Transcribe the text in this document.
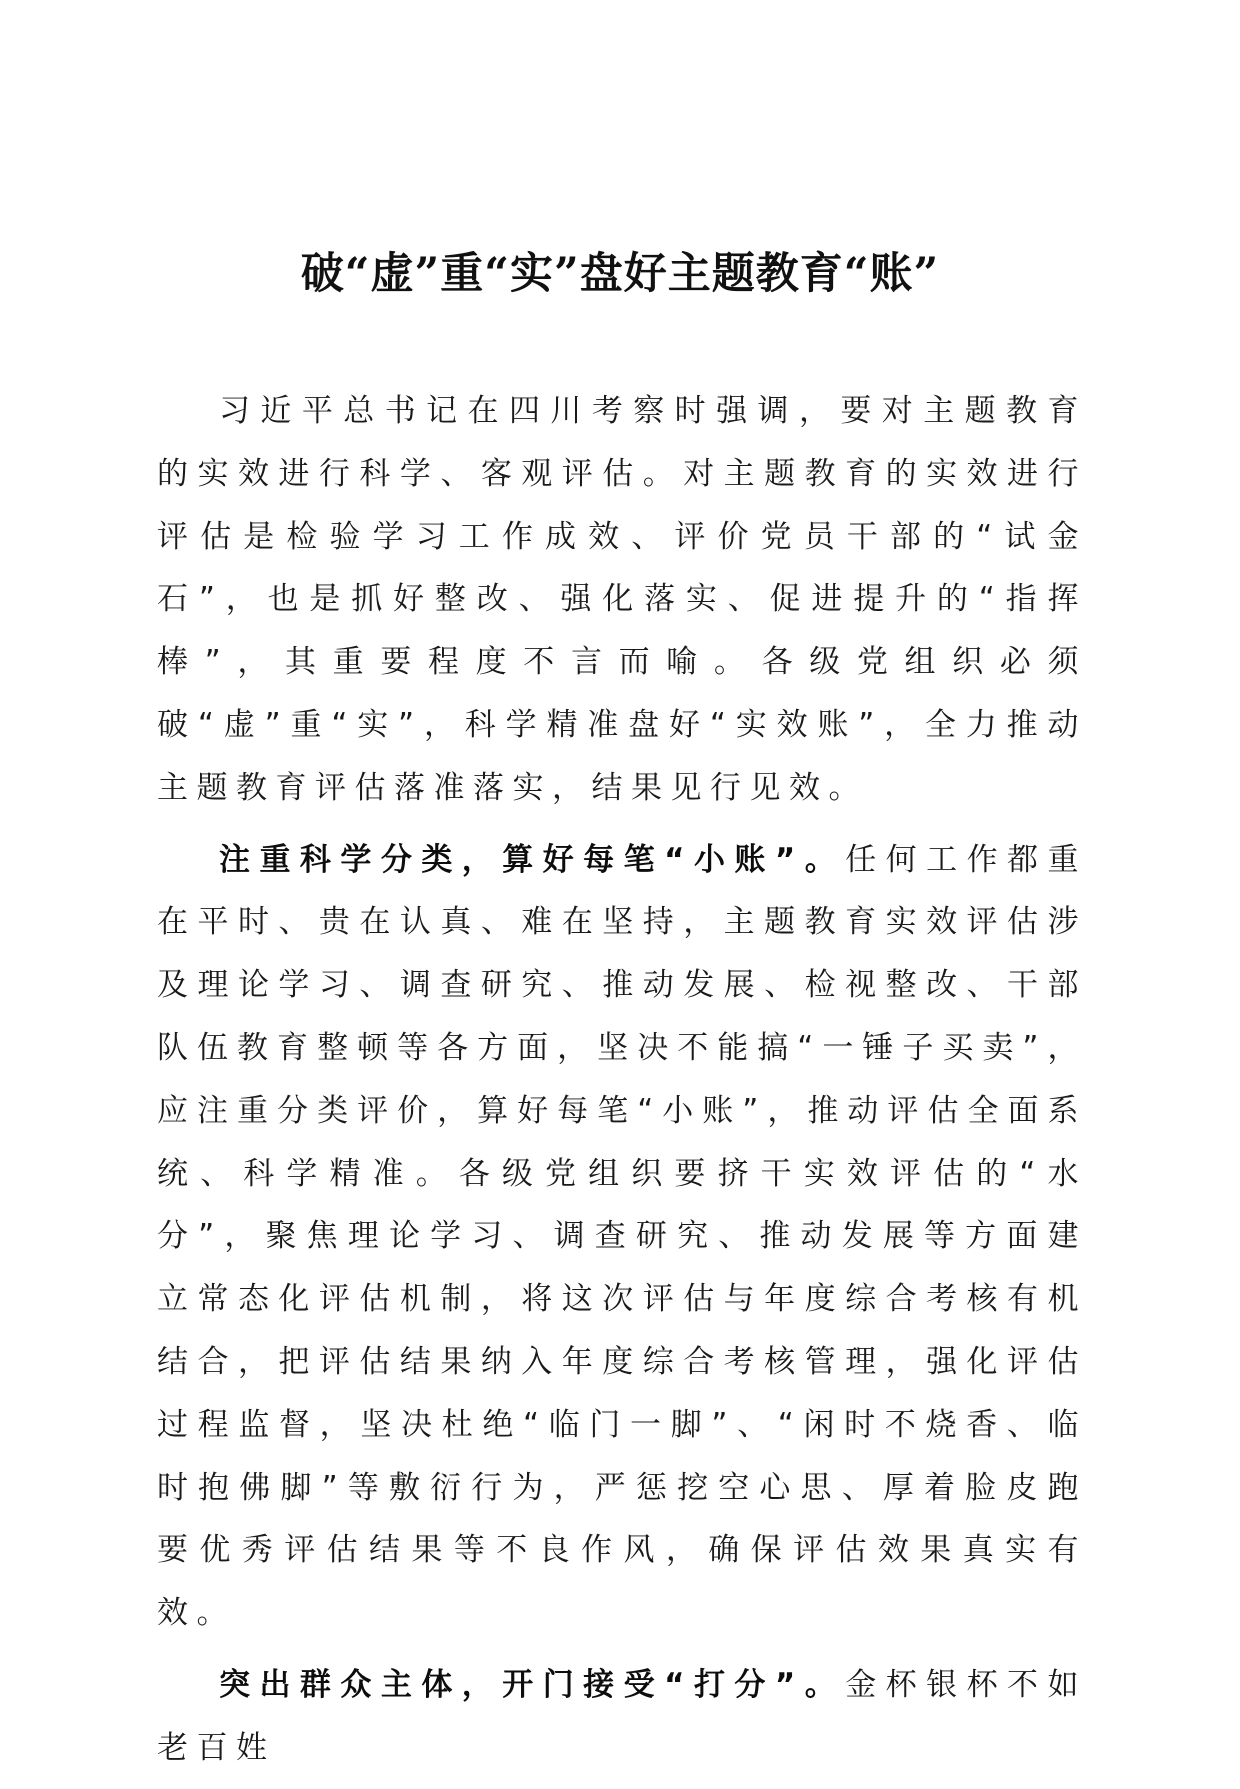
破“虚”重“实”盘好主题教育“账”

习近平总书记在四川考察时强调，要对主题教育的实效进行科学、客观评估。对主题教育的实效进行评估是检验学习工作成效、评价党员干部的“试金石”，也是抓好整改、强化落实、促进提升的“指挥棒”，其重要程度不言而喻。各级党组织必须破“虚”重“实”，科学精准盘好“实效账”，全力推动主题教育评估落准落实，结果见行见效。

注重科学分类，算好每笔“小账”。任何工作都重在平时、贵在认真、难在坚持，主题教育实效评估涉及理论学习、调查研究、推动发展、检视整改、干部队伍教育整顿等各方面，坚决不能搞“一锤子买卖”，应注重分类评价，算好每笔“小账”，推动评估全面系统、科学精准。各级党组织要挤干实效评估的“水分”，聚焦理论学习、调查研究、推动发展等方面建立常态化评估机制，将这次评估与年度综合考核有机结合，把评估结果纳入年度综合考核管理，强化评估过程监督，坚决杜绝“临门一脚”、“闲时不烧香、临时抱佛脚”等敷衍行为，严惩挖空心思、厚着脸皮跑要优秀评估结果等不良作风，确保评估效果真实有效。

突出群众主体，开门接受“打分”。金杯银杯不如老百姓
